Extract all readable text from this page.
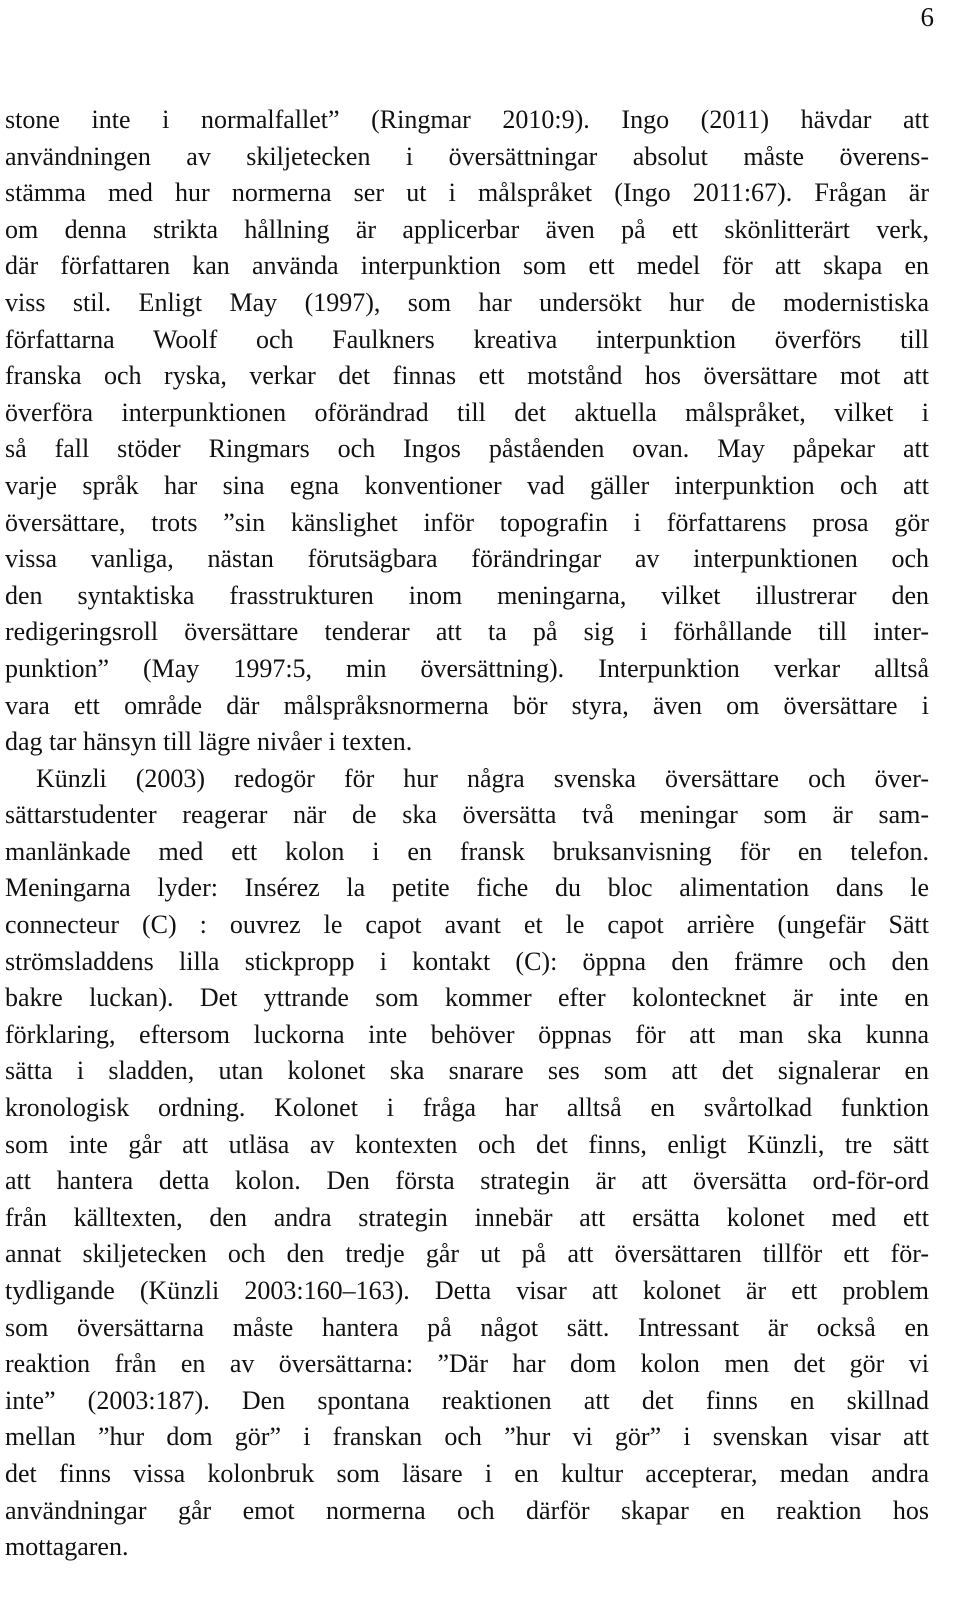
6
stone inte i normalfallet” (Ringmar 2010:9). Ingo (2011) hävdar att
användningen av skiljetecken i översättningar absolut måste överens-
stämma med hur normerna ser ut i målspråket (Ingo 2011:67). Frågan är
om denna strikta hållning är applicerbar även på ett skönlitterärt verk,
där författaren kan använda interpunktion som ett medel för att skapa en
viss stil. Enligt May (1997), som har undersökt hur de modernistiska
författarna Woolf och Faulkners kreativa interpunktion överförs till
franska och ryska, verkar det finnas ett motstånd hos översättare mot att
överföra interpunktionen oförändrad till det aktuella målspråket, vilket i
så fall stöder Ringmars och Ingos påståenden ovan. May påpekar att
varje språk har sina egna konventioner vad gäller interpunktion och att
översättare, trots ”sin känslighet inför topografin i författarens prosa gör
vissa vanliga, nästan förutsägbara förändringar av interpunktionen och
den syntaktiska frasstrukturen inom meningarna, vilket illustrerar den
redigeringsroll översättare tenderar att ta på sig i förhållande till inter-
punktion” (May 1997:5, min översättning). Interpunktion verkar alltså
vara ett område där målspråksnormerna bör styra, även om översättare i
dag tar hänsyn till lägre nivåer i texten.
Künzli (2003) redogör för hur några svenska översättare och över-
sättarstudenter reagerar när de ska översätta två meningar som är sam-
manlänkade med ett kolon i en fransk bruksanvisning för en telefon.
Meningarna lyder: Insérez la petite fiche du bloc alimentation dans le
connecteur (C) : ouvrez le capot avant et le capot arrière (ungefär Sätt
strömsladdens lilla stickpropp i kontakt (C): öppna den främre och den
bakre luckan). Det yttrande som kommer efter kolontecknet är inte en
förklaring, eftersom luckorna inte behöver öppnas för att man ska kunna
sätta i sladden, utan kolonet ska snarare ses som att det signalerar en
kronologisk ordning. Kolonet i fråga har alltså en svårtolkad funktion
som inte går att utläsa av kontexten och det finns, enligt Künzli, tre sätt
att hantera detta kolon. Den första strategin är att översätta ord-för-ord
från källtexten, den andra strategin innebär att ersätta kolonet med ett
annat skiljetecken och den tredje går ut på att översättaren tillför ett för-
tydligande (Künzli 2003:160–163). Detta visar att kolonet är ett problem
som översättarna måste hantera på något sätt. Intressant är också en
reaktion från en av översättarna: ”Där har dom kolon men det gör vi
inte” (2003:187). Den spontana reaktionen att det finns en skillnad
mellan ”hur dom gör” i franskan och ”hur vi gör” i svenskan visar att
det finns vissa kolonbruk som läsare i en kultur accepterar, medan andra
användningar går emot normerna och därför skapar en reaktion hos
mottagaren.
